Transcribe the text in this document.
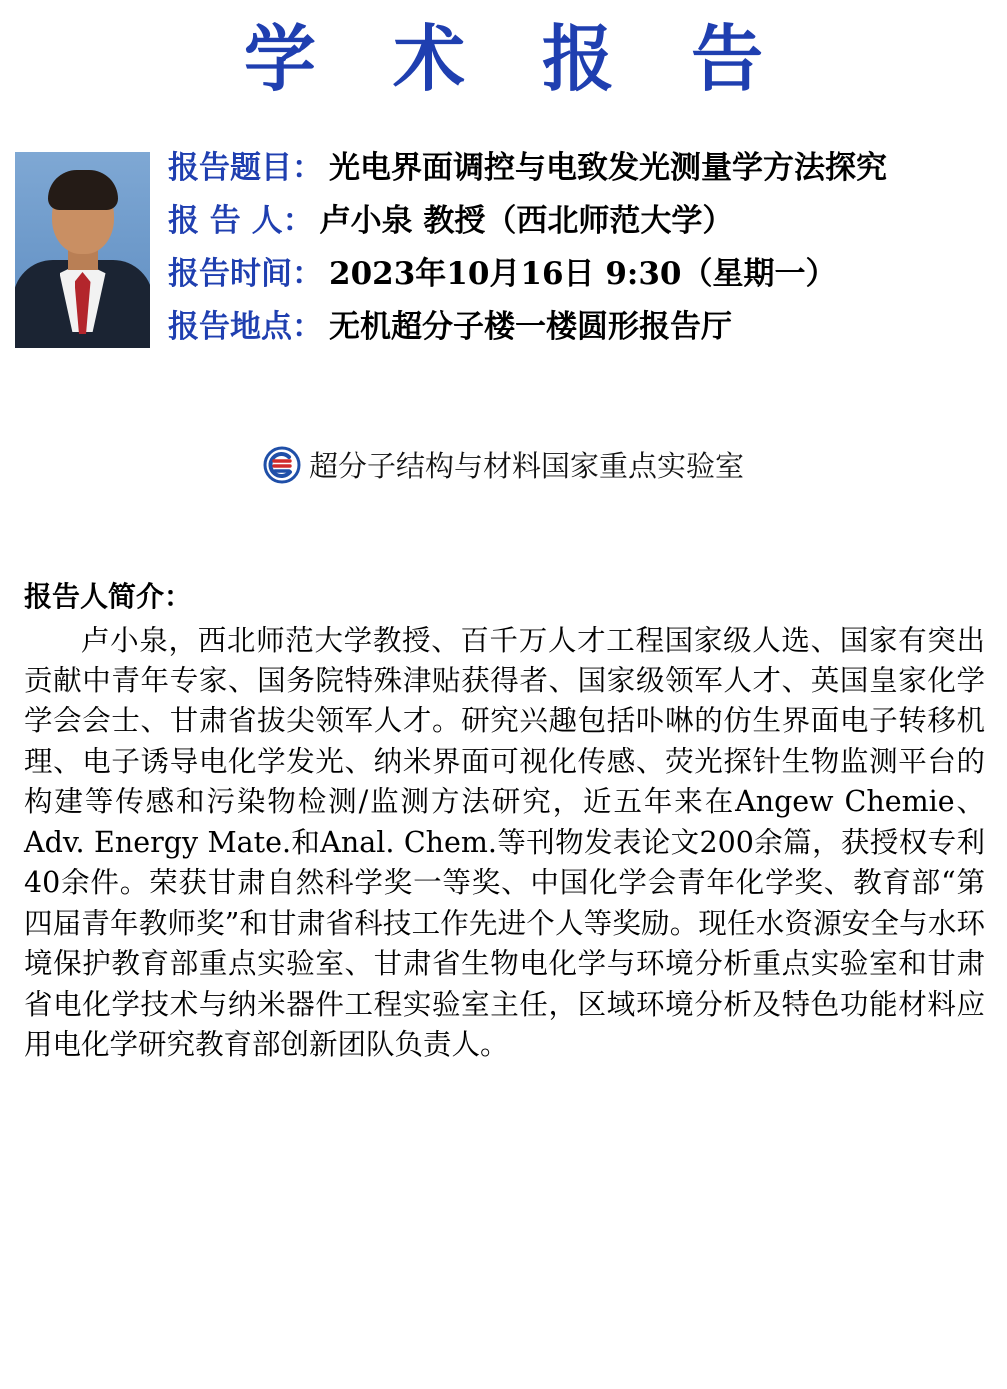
学 术 报 告
报告题目： 光电界面调控与电致发光测量学方法探究
报 告 人： 卢小泉 教授（西北师范大学）
报告时间： 2023年10月16日 9:30（星期一）
报告地点： 无机超分子楼一楼圆形报告厅
超分子结构与材料国家重点实验室
报告人简介：
卢小泉，西北师范大学教授、百千万人才工程国家级人选、国家有突出贡献中青年专家、国务院特殊津贴获得者、国家级领军人才、英国皇家化学学会会士、甘肃省拔尖领军人才。研究兴趣包括卟啉的仿生界面电子转移机理、电子诱导电化学发光、纳米界面可视化传感、荧光探针生物监测平台的构建等传感和污染物检测/监测方法研究，近五年来在Angew Chemie、Adv. Energy Mate.和Anal. Chem.等刊物发表论文200余篇，获授权专利40余件。荣获甘肃自然科学奖一等奖、中国化学会青年化学奖、教育部“第四届青年教师奖”和甘肃省科技工作先进个人等奖励。现任水资源安全与水环境保护教育部重点实验室、甘肃省生物电化学与环境分析重点实验室和甘肃省电化学技术与纳米器件工程实验室主任，区域环境分析及特色功能材料应用电化学研究教育部创新团队负责人。
